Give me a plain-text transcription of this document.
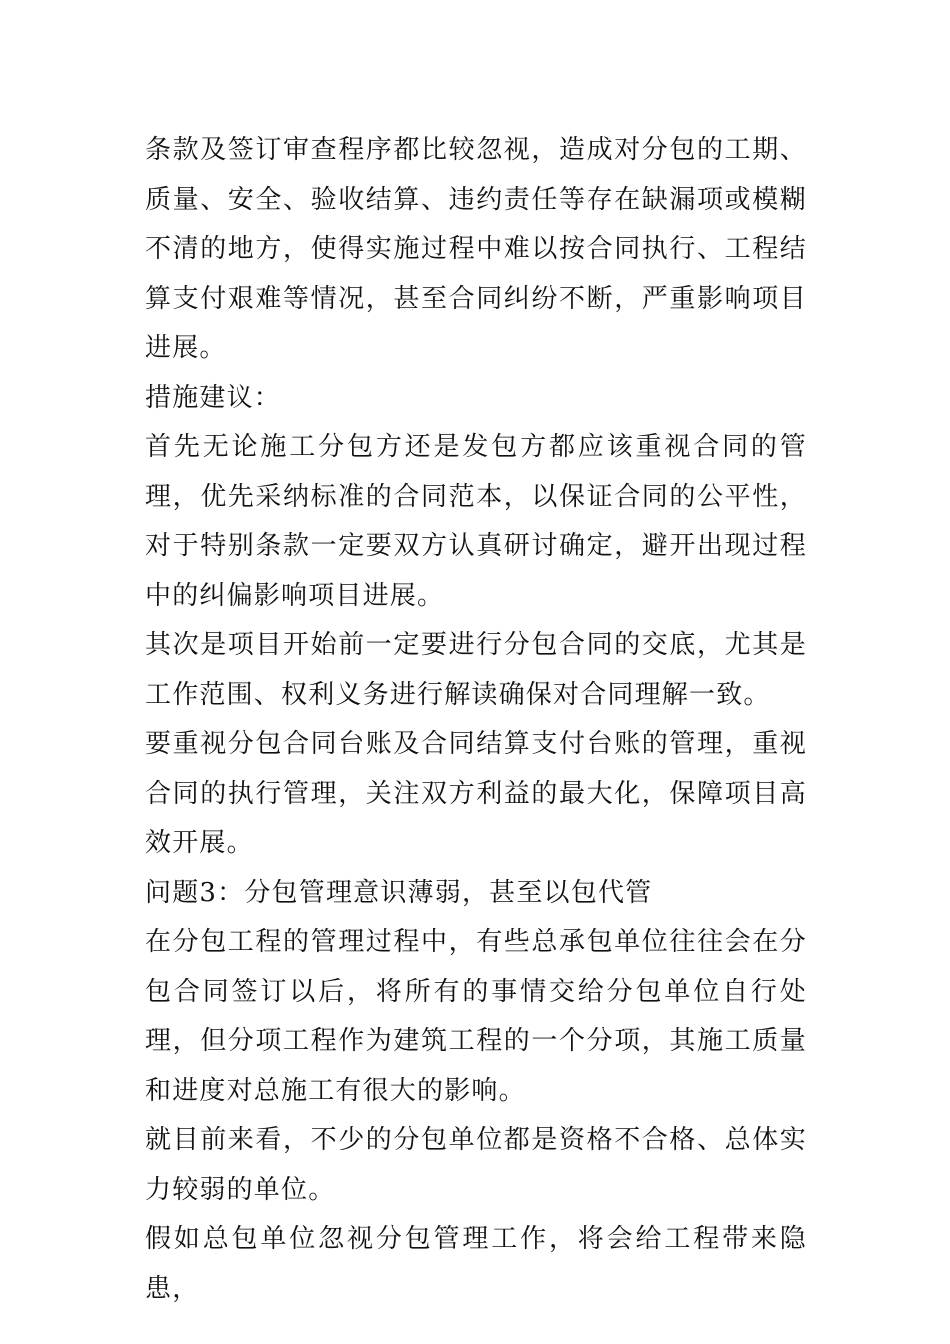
条款及签订审查程序都比较忽视，造成对分包的工期、质量、安全、验收结算、违约责任等存在缺漏项或模糊不清的地方，使得实施过程中难以按合同执行、工程结算支付艰难等情况，甚至合同纠纷不断，严重影响项目进展。

措施建议：

首先无论施工分包方还是发包方都应该重视合同的管理，优先采纳标准的合同范本，以保证合同的公平性，对于特别条款一定要双方认真研讨确定，避开出现过程中的纠偏影响项目进展。

其次是项目开始前一定要进行分包合同的交底，尤其是工作范围、权利义务进行解读确保对合同理解一致。

要重视分包合同台账及合同结算支付台账的管理，重视合同的执行管理，关注双方利益的最大化，保障项目高效开展。

问题3：分包管理意识薄弱，甚至以包代管

在分包工程的管理过程中，有些总承包单位往往会在分包合同签订以后，将所有的事情交给分包单位自行处理，但分项工程作为建筑工程的一个分项，其施工质量和进度对总施工有很大的影响。

就目前来看，不少的分包单位都是资格不合格、总体实力较弱的单位。

假如总包单位忽视分包管理工作，将会给工程带来隐患，
